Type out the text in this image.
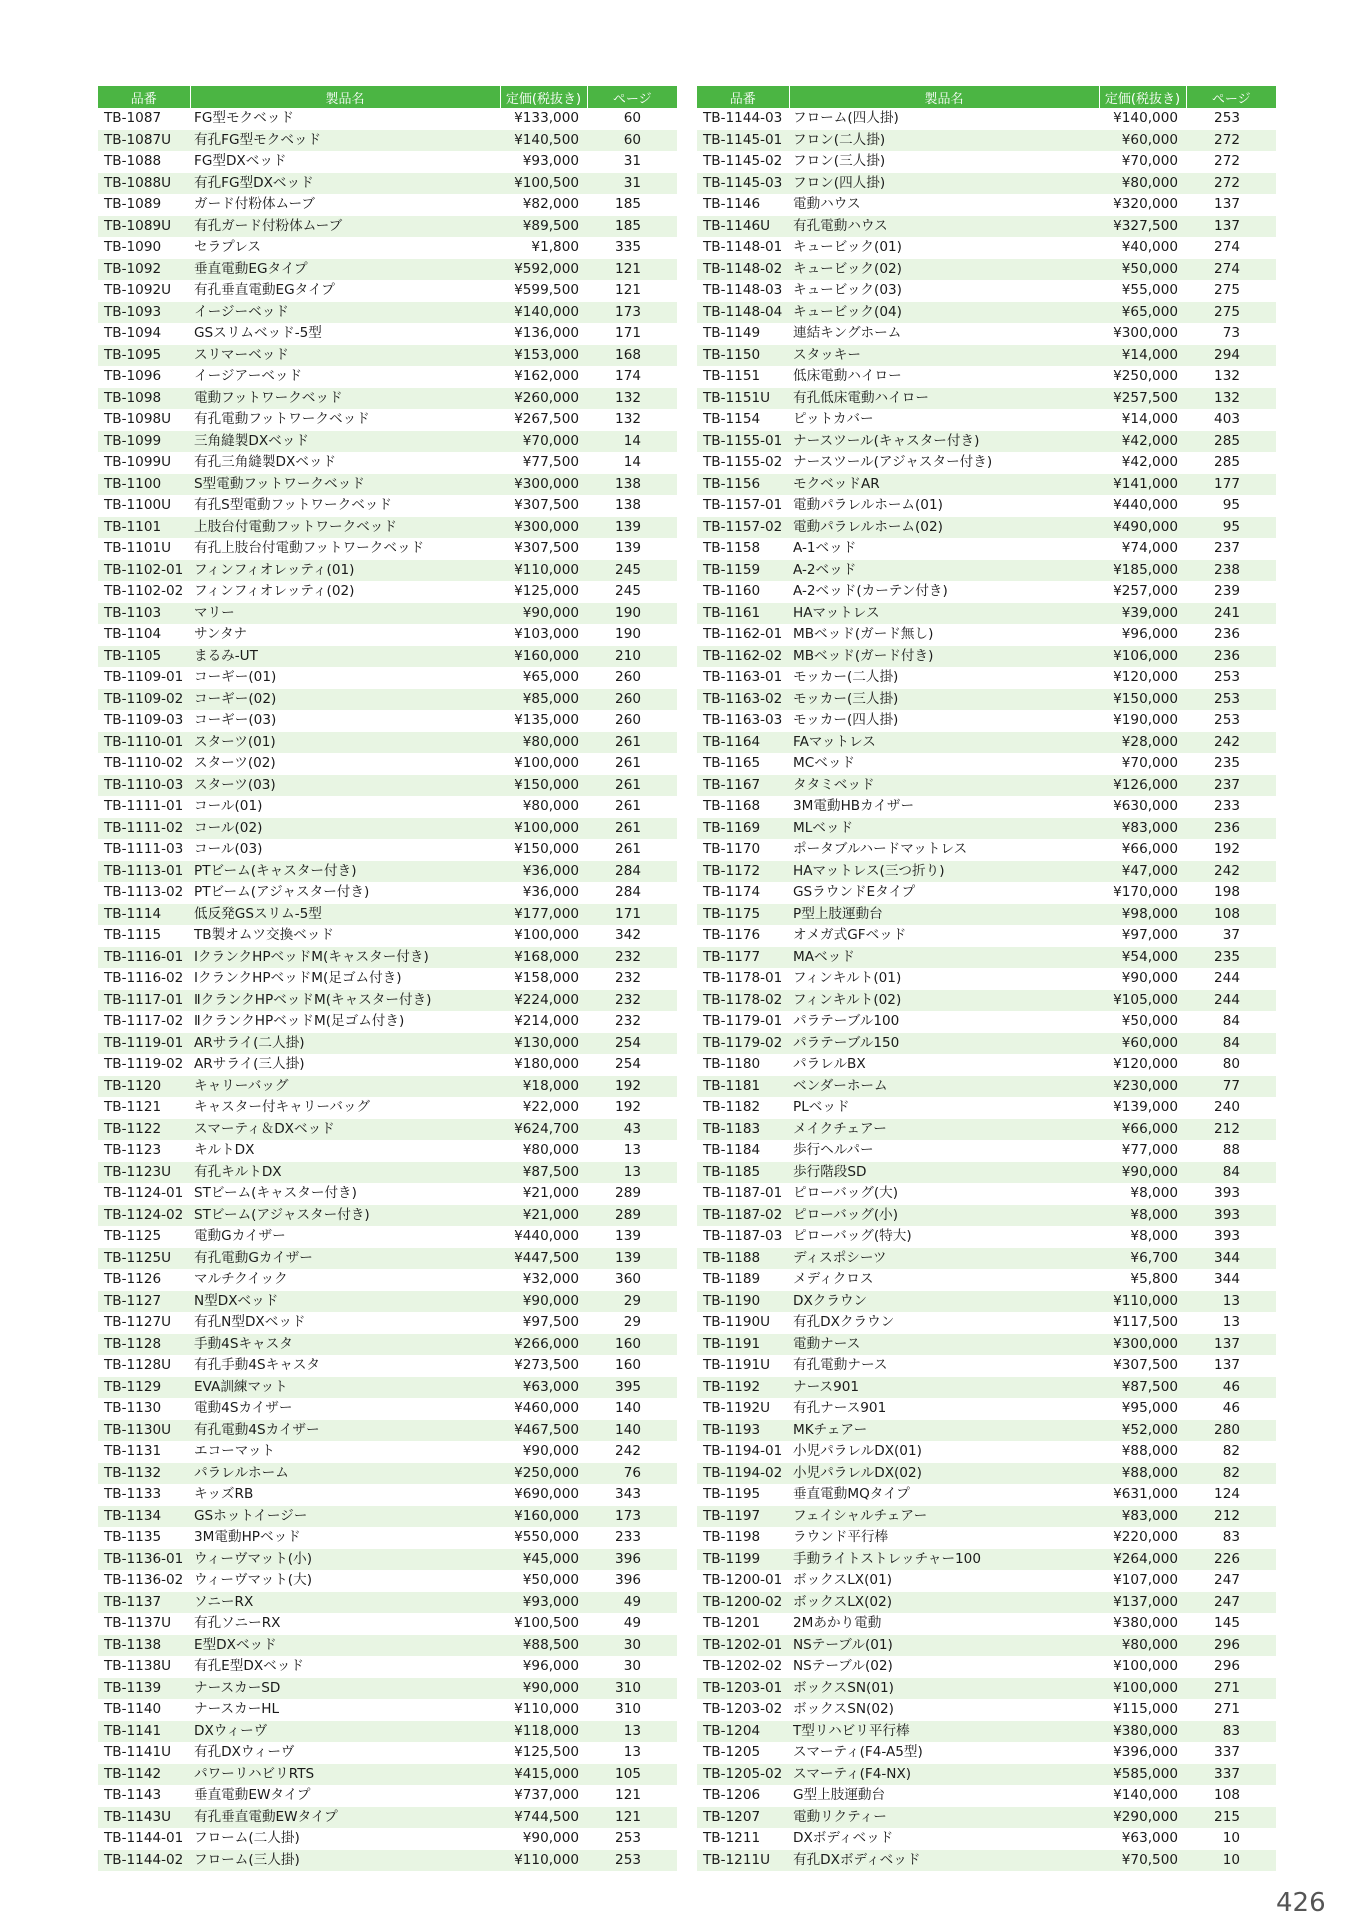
品番	製品名	定価(税抜き)	ページ
TB-1087	FG型モクベッド	¥133,000	60
TB-1087U	有孔FG型モクベッド	¥140,500	60
TB-1088	FG型DXベッド	¥93,000	31
TB-1088U	有孔FG型DXベッド	¥100,500	31
TB-1089	ガード付粉体ムーブ	¥82,000	185
TB-1089U	有孔ガード付粉体ムーブ	¥89,500	185
TB-1090	セラプレス	¥1,800	335
TB-1092	垂直電動EGタイプ	¥592,000	121
TB-1092U	有孔垂直電動EGタイプ	¥599,500	121
TB-1093	イージーベッド	¥140,000	173
TB-1094	GSスリムベッド-5型	¥136,000	171
TB-1095	スリマーベッド	¥153,000	168
TB-1096	イージアーベッド	¥162,000	174
TB-1098	電動フットワークベッド	¥260,000	132
TB-1098U	有孔電動フットワークベッド	¥267,500	132
TB-1099	三角縫製DXベッド	¥70,000	14
TB-1099U	有孔三角縫製DXベッド	¥77,500	14
TB-1100	S型電動フットワークベッド	¥300,000	138
TB-1100U	有孔S型電動フットワークベッド	¥307,500	138
TB-1101	上肢台付電動フットワークベッド	¥300,000	139
TB-1101U	有孔上肢台付電動フットワークベッド	¥307,500	139
TB-1102-01	フィンフィオレッティ(01)	¥110,000	245
TB-1102-02	フィンフィオレッティ(02)	¥125,000	245
TB-1103	マリー	¥90,000	190
TB-1104	サンタナ	¥103,000	190
TB-1105	まるみ-UT	¥160,000	210
TB-1109-01	コーギー(01)	¥65,000	260
TB-1109-02	コーギー(02)	¥85,000	260
TB-1109-03	コーギー(03)	¥135,000	260
TB-1110-01	スターツ(01)	¥80,000	261
TB-1110-02	スターツ(02)	¥100,000	261
TB-1110-03	スターツ(03)	¥150,000	261
TB-1111-01	コール(01)	¥80,000	261
TB-1111-02	コール(02)	¥100,000	261
TB-1111-03	コール(03)	¥150,000	261
TB-1113-01	PTビーム(キャスター付き)	¥36,000	284
TB-1113-02	PTビーム(アジャスター付き)	¥36,000	284
TB-1114	低反発GSスリム-5型	¥177,000	171
TB-1115	TB製オムツ交換ベッド	¥100,000	342
TB-1116-01	ⅠクランクHPベッドM(キャスター付き)	¥168,000	232
TB-1116-02	ⅠクランクHPベッドM(足ゴム付き)	¥158,000	232
TB-1117-01	ⅡクランクHPベッドM(キャスター付き)	¥224,000	232
TB-1117-02	ⅡクランクHPベッドM(足ゴム付き)	¥214,000	232
TB-1119-01	ARサライ(二人掛)	¥130,000	254
TB-1119-02	ARサライ(三人掛)	¥180,000	254
TB-1120	キャリーバッグ	¥18,000	192
TB-1121	キャスター付キャリーバッグ	¥22,000	192
TB-1122	スマーティ＆DXベッド	¥624,700	43
TB-1123	キルトDX	¥80,000	13
TB-1123U	有孔キルトDX	¥87,500	13
TB-1124-01	STビーム(キャスター付き)	¥21,000	289
TB-1124-02	STビーム(アジャスター付き)	¥21,000	289
TB-1125	電動Gカイザー	¥440,000	139
TB-1125U	有孔電動Gカイザー	¥447,500	139
TB-1126	マルチクイック	¥32,000	360
TB-1127	N型DXベッド	¥90,000	29
TB-1127U	有孔N型DXベッド	¥97,500	29
TB-1128	手動4Sキャスタ	¥266,000	160
TB-1128U	有孔手動4Sキャスタ	¥273,500	160
TB-1129	EVA訓練マット	¥63,000	395
TB-1130	電動4Sカイザー	¥460,000	140
TB-1130U	有孔電動4Sカイザー	¥467,500	140
TB-1131	エコーマット	¥90,000	242
TB-1132	パラレルホーム	¥250,000	76
TB-1133	キッズRB	¥690,000	343
TB-1134	GSホットイージー	¥160,000	173
TB-1135	3M電動HPベッド	¥550,000	233
TB-1136-01	ウィーヴマット(小)	¥45,000	396
TB-1136-02	ウィーヴマット(大)	¥50,000	396
TB-1137	ソニーRX	¥93,000	49
TB-1137U	有孔ソニーRX	¥100,500	49
TB-1138	E型DXベッド	¥88,500	30
TB-1138U	有孔E型DXベッド	¥96,000	30
TB-1139	ナースカーSD	¥90,000	310
TB-1140	ナースカーHL	¥110,000	310
TB-1141	DXウィーヴ	¥118,000	13
TB-1141U	有孔DXウィーヴ	¥125,500	13
TB-1142	パワーリハビリRTS	¥415,000	105
TB-1143	垂直電動EWタイプ	¥737,000	121
TB-1143U	有孔垂直電動EWタイプ	¥744,500	121
TB-1144-01	フローム(二人掛)	¥90,000	253
TB-1144-02	フローム(三人掛)	¥110,000	253
品番	製品名	定価(税抜き)	ページ
TB-1144-03	フローム(四人掛)	¥140,000	253
TB-1145-01	フロン(二人掛)	¥60,000	272
TB-1145-02	フロン(三人掛)	¥70,000	272
TB-1145-03	フロン(四人掛)	¥80,000	272
TB-1146	電動ハウス	¥320,000	137
TB-1146U	有孔電動ハウス	¥327,500	137
TB-1148-01	キュービック(01)	¥40,000	274
TB-1148-02	キュービック(02)	¥50,000	274
TB-1148-03	キュービック(03)	¥55,000	275
TB-1148-04	キュービック(04)	¥65,000	275
TB-1149	連結キングホーム	¥300,000	73
TB-1150	スタッキー	¥14,000	294
TB-1151	低床電動ハイロー	¥250,000	132
TB-1151U	有孔低床電動ハイロー	¥257,500	132
TB-1154	ピットカバー	¥14,000	403
TB-1155-01	ナースツール(キャスター付き)	¥42,000	285
TB-1155-02	ナースツール(アジャスター付き)	¥42,000	285
TB-1156	モクベッドAR	¥141,000	177
TB-1157-01	電動パラレルホーム(01)	¥440,000	95
TB-1157-02	電動パラレルホーム(02)	¥490,000	95
TB-1158	A-1ベッド	¥74,000	237
TB-1159	A-2ベッド	¥185,000	238
TB-1160	A-2ベッド(カーテン付き)	¥257,000	239
TB-1161	HAマットレス	¥39,000	241
TB-1162-01	MBベッド(ガード無し)	¥96,000	236
TB-1162-02	MBベッド(ガード付き)	¥106,000	236
TB-1163-01	モッカー(二人掛)	¥120,000	253
TB-1163-02	モッカー(三人掛)	¥150,000	253
TB-1163-03	モッカー(四人掛)	¥190,000	253
TB-1164	FAマットレス	¥28,000	242
TB-1165	MCベッド	¥70,000	235
TB-1167	タタミベッド	¥126,000	237
TB-1168	3M電動HBカイザー	¥630,000	233
TB-1169	MLベッド	¥83,000	236
TB-1170	ポータブルハードマットレス	¥66,000	192
TB-1172	HAマットレス(三つ折り)	¥47,000	242
TB-1174	GSラウンドEタイプ	¥170,000	198
TB-1175	P型上肢運動台	¥98,000	108
TB-1176	オメガ式GFベッド	¥97,000	37
TB-1177	MAベッド	¥54,000	235
TB-1178-01	フィンキルト(01)	¥90,000	244
TB-1178-02	フィンキルト(02)	¥105,000	244
TB-1179-01	パラテーブル100	¥50,000	84
TB-1179-02	パラテーブル150	¥60,000	84
TB-1180	パラレルBX	¥120,000	80
TB-1181	ベンダーホーム	¥230,000	77
TB-1182	PLベッド	¥139,000	240
TB-1183	メイクチェアー	¥66,000	212
TB-1184	歩行ヘルパー	¥77,000	88
TB-1185	歩行階段SD	¥90,000	84
TB-1187-01	ピローバッグ(大)	¥8,000	393
TB-1187-02	ピローバッグ(小)	¥8,000	393
TB-1187-03	ピローバッグ(特大)	¥8,000	393
TB-1188	ディスポシーツ	¥6,700	344
TB-1189	メディクロス	¥5,800	344
TB-1190	DXクラウン	¥110,000	13
TB-1190U	有孔DXクラウン	¥117,500	13
TB-1191	電動ナース	¥300,000	137
TB-1191U	有孔電動ナース	¥307,500	137
TB-1192	ナース901	¥87,500	46
TB-1192U	有孔ナース901	¥95,000	46
TB-1193	MKチェアー	¥52,000	280
TB-1194-01	小児パラレルDX(01)	¥88,000	82
TB-1194-02	小児パラレルDX(02)	¥88,000	82
TB-1195	垂直電動MQタイプ	¥631,000	124
TB-1197	フェイシャルチェアー	¥83,000	212
TB-1198	ラウンド平行棒	¥220,000	83
TB-1199	手動ライトストレッチャー100	¥264,000	226
TB-1200-01	ボックスLX(01)	¥107,000	247
TB-1200-02	ボックスLX(02)	¥137,000	247
TB-1201	2Mあかり電動	¥380,000	145
TB-1202-01	NSテーブル(01)	¥80,000	296
TB-1202-02	NSテーブル(02)	¥100,000	296
TB-1203-01	ボックスSN(01)	¥100,000	271
TB-1203-02	ボックスSN(02)	¥115,000	271
TB-1204	T型リハビリ平行棒	¥380,000	83
TB-1205	スマーティ(F4-A5型)	¥396,000	337
TB-1205-02	スマーティ(F4-NX)	¥585,000	337
TB-1206	G型上肢運動台	¥140,000	108
TB-1207	電動リクティー	¥290,000	215
TB-1211	DXボディベッド	¥63,000	10
TB-1211U	有孔DXボディベッド	¥70,500	10
426
